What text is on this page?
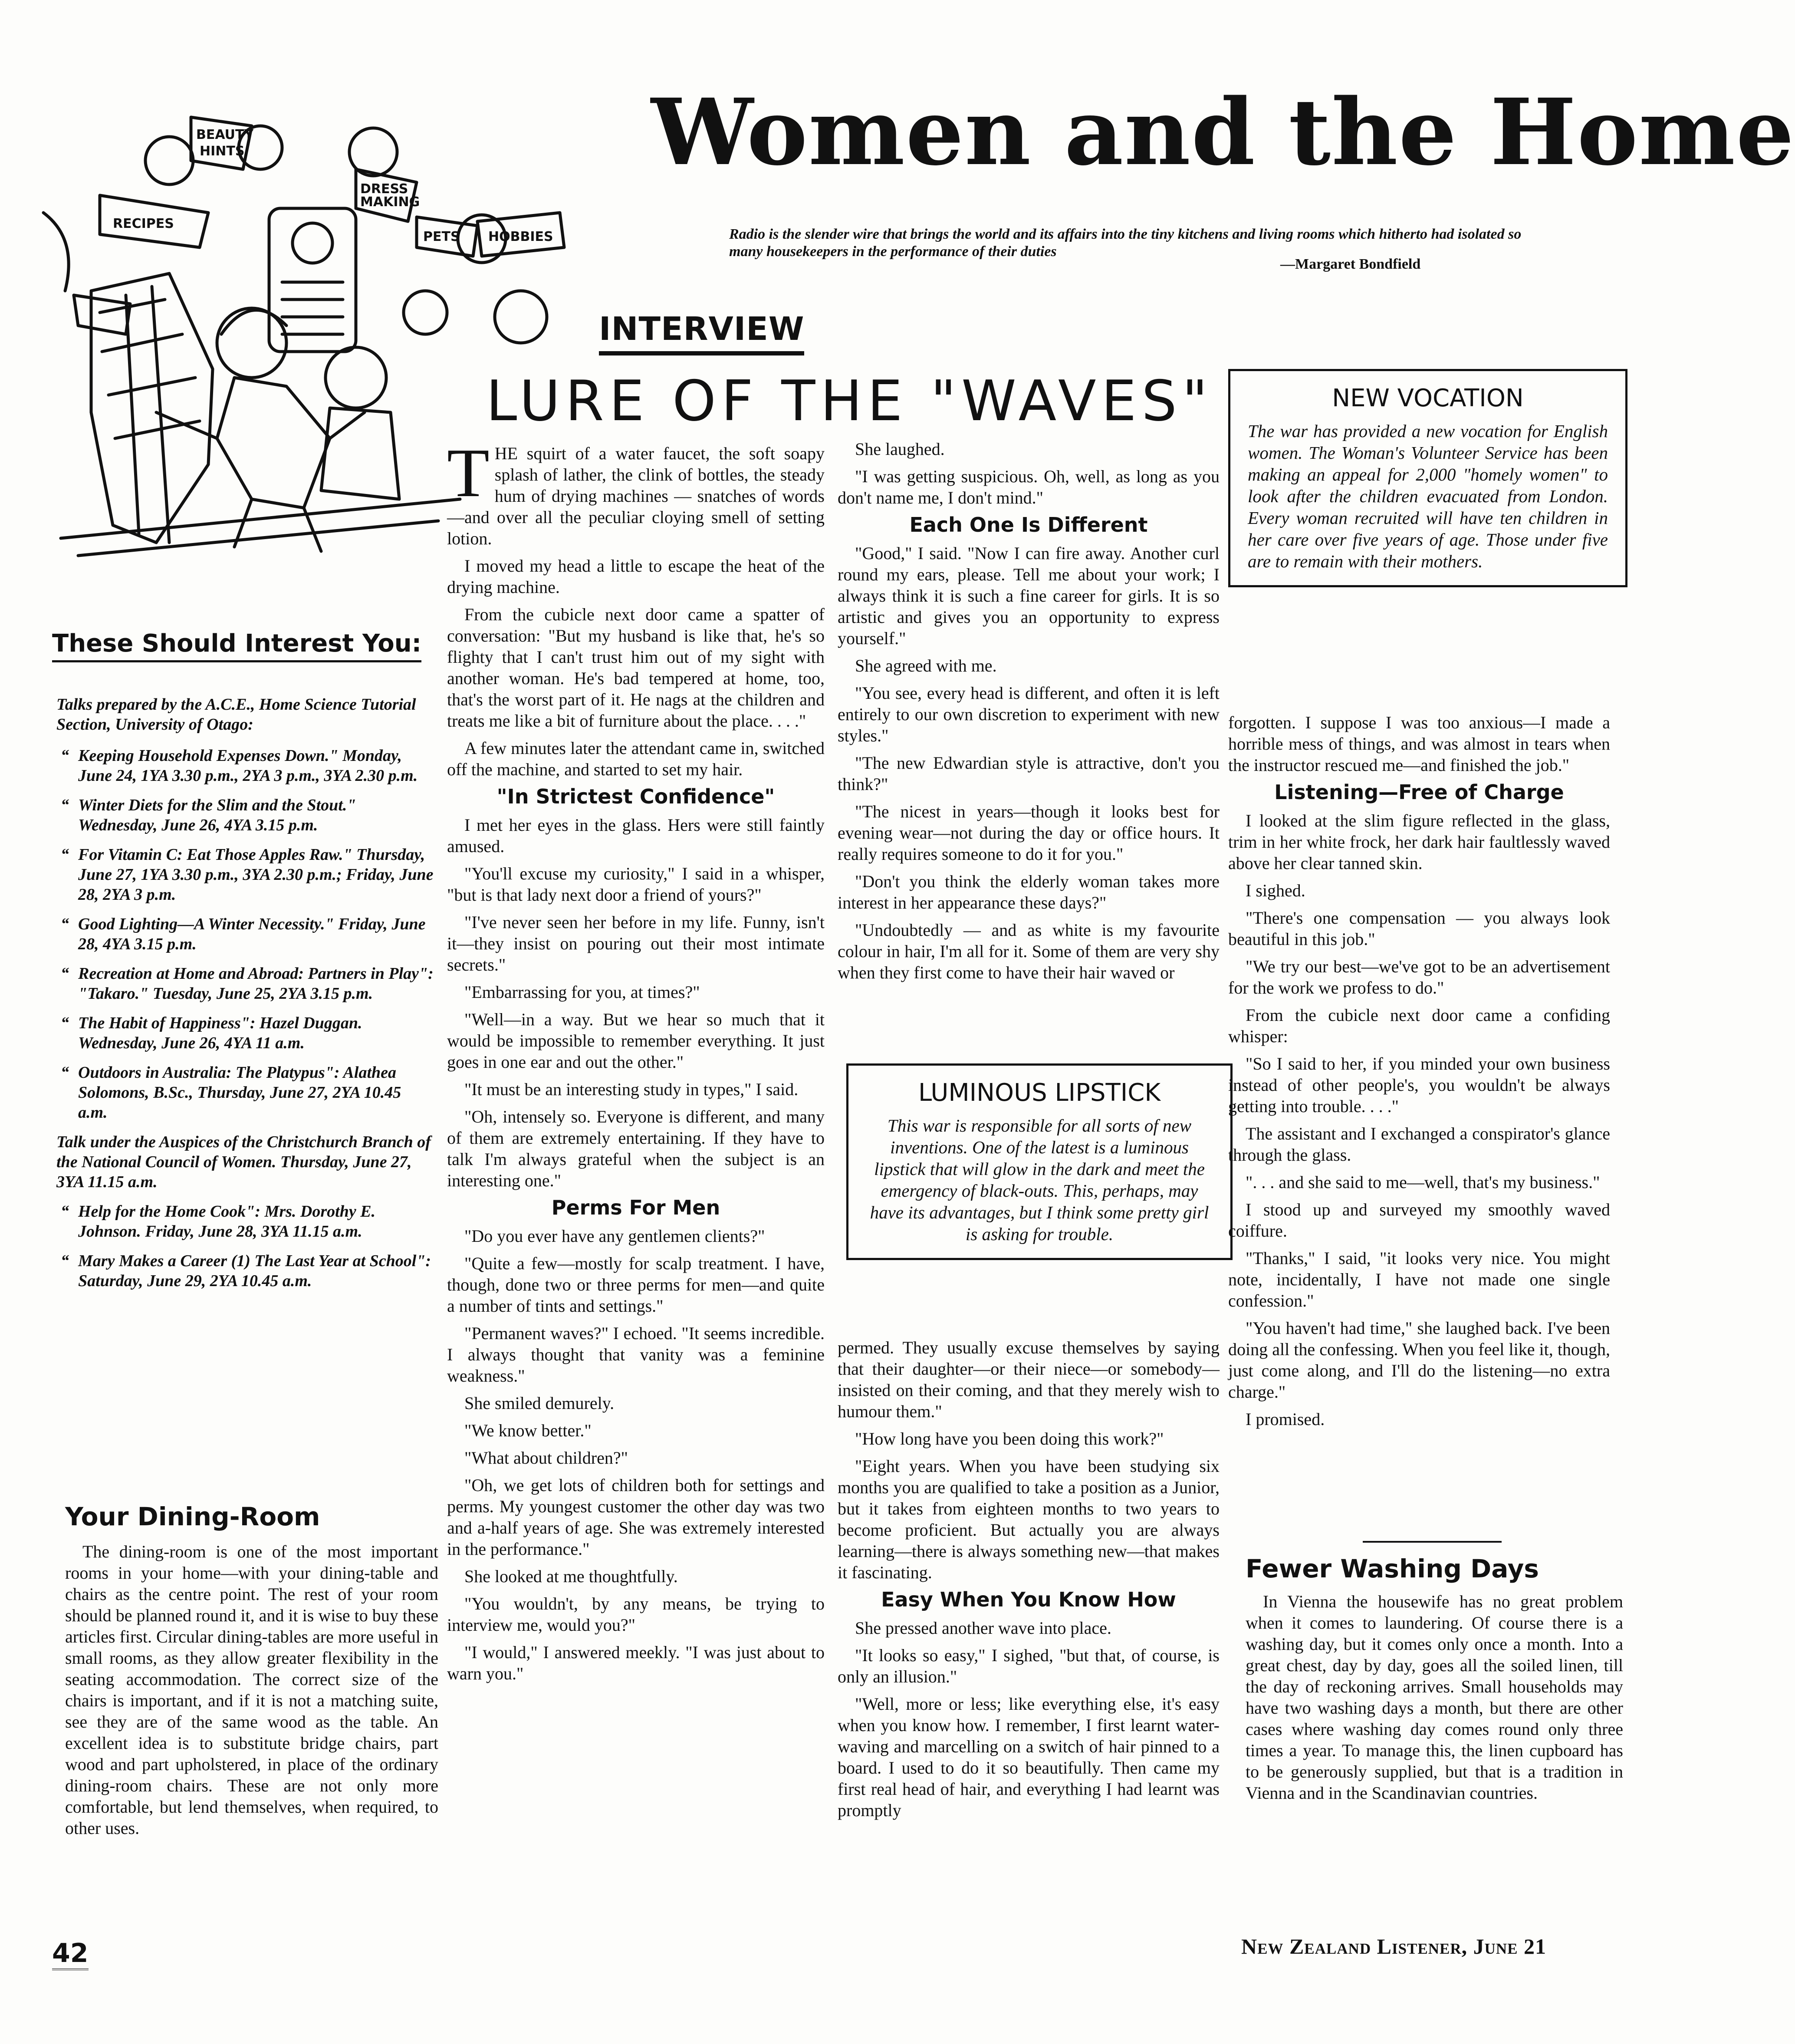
Women and the Home
Radio is the slender wire that brings the world and its affairs into the tiny kitchens and living rooms which hitherto had isolated so many housekeepers in the performance of their duties
—Margaret Bondfield
BEAUTY
HINTS
RECIPES
DRESS
MAKING
PETS HOBBIES
INTERVIEW
LURE OF THE "WAVES"
These Should Interest You:
Talks prepared by the A.C.E., Home Science Tutorial Section, University of Otago:
“ Keeping Household Expenses Down." Monday, June 24, 1YA 3.30 p.m., 2YA 3 p.m., 3YA 2.30 p.m.
“ Winter Diets for the Slim and the Stout." Wednesday, June 26, 4YA 3.15 p.m.
“ For Vitamin C: Eat Those Apples Raw." Thursday, June 27, 1YA 3.30 p.m., 3YA 2.30 p.m.; Friday, June 28, 2YA 3 p.m.
“ Good Lighting—A Winter Necessity." Friday, June 28, 4YA 3.15 p.m.
“ Recreation at Home and Abroad: Partners in Play": "Takaro." Tuesday, June 25, 2YA 3.15 p.m.
“ The Habit of Happiness": Hazel Duggan. Wednesday, June 26, 4YA 11 a.m.
“ Outdoors in Australia: The Platypus": Alathea Solomons, B.Sc., Thursday, June 27, 2YA 10.45 a.m.
Talk under the Auspices of the Christchurch Branch of the National Council of Women. Thursday, June 27, 3YA 11.15 a.m.
“ Help for the Home Cook": Mrs. Dorothy E. Johnson. Friday, June 28, 3YA 11.15 a.m.
“ Mary Makes a Career (1) The Last Year at School": Saturday, June 29, 2YA 10.45 a.m.
Your Dining-Room

The dining-room is one of the most important rooms in your home—with your dining-table and chairs as the centre point. The rest of your room should be planned round it, and it is wise to buy these articles first. Circular dining-tables are more useful in small rooms, as they allow greater flexibility in the seating accommodation. The correct size of the chairs is important, and if it is not a matching suite, see they are of the same wood as the table. An excellent idea is to substitute bridge chairs, part wood and part upholstered, in place of the ordinary dining-room chairs. These are not only more comfortable, but lend themselves, when required, to other uses.

THE squirt of a water faucet, the soft soapy splash of lather, the clink of bottles, the steady hum of drying machines — snatches of words—and over all the peculiar cloying smell of setting lotion.

I moved my head a little to escape the heat of the drying machine.

From the cubicle next door came a spatter of conversation: "But my husband is like that, he's so flighty that I can't trust him out of my sight with another woman. He's bad tempered at home, too, that's the worst part of it. He nags at the children and treats me like a bit of furniture about the place. . . ."

A few minutes later the attendant came in, switched off the machine, and started to set my hair.

"In Strictest Confidence"

I met her eyes in the glass. Hers were still faintly amused.

"You'll excuse my curiosity," I said in a whisper, "but is that lady next door a friend of yours?"

"I've never seen her before in my life. Funny, isn't it—they insist on pouring out their most intimate secrets."

"Embarrassing for you, at times?"

"Well—in a way. But we hear so much that it would be impossible to remember everything. It just goes in one ear and out the other."

"It must be an interesting study in types," I said.

"Oh, intensely so. Everyone is different, and many of them are extremely entertaining. If they have to talk I'm always grateful when the subject is an interesting one."

Perms For Men

"Do you ever have any gentlemen clients?"

"Quite a few—mostly for scalp treatment. I have, though, done two or three perms for men—and quite a number of tints and settings."

"Permanent waves?" I echoed. "It seems incredible. I always thought that vanity was a feminine weakness."

She smiled demurely.

"We know better."

"What about children?"

"Oh, we get lots of children both for settings and perms. My youngest customer the other day was two and a-half years of age. She was extremely interested in the performance."

She looked at me thoughtfully.

"You wouldn't, by any means, be trying to interview me, would you?"

"I would," I answered meekly. "I was just about to warn you."

She laughed.

"I was getting suspicious. Oh, well, as long as you don't name me, I don't mind."

Each One Is Different

"Good," I said. "Now I can fire away. Another curl round my ears, please. Tell me about your work; I always think it is such a fine career for girls. It is so artistic and gives you an opportunity to express yourself."

She agreed with me.

"You see, every head is different, and often it is left entirely to our own discretion to experiment with new styles."

"The new Edwardian style is attractive, don't you think?"

"The nicest in years—though it looks best for evening wear—not during the day or office hours. It really requires someone to do it for you."

"Don't you think the elderly woman takes more interest in her appearance these days?"

"Undoubtedly — and as white is my favourite colour in hair, I'm all for it. Some of them are very shy when they first come to have their hair waved or

LUMINOUS LIPSTICK
This war is responsible for all sorts of new inventions. One of the latest is a luminous lipstick that will glow in the dark and meet the emergency of black-outs. This, perhaps, may have its advantages, but I think some pretty girl is asking for trouble.

permed. They usually excuse themselves by saying that their daughter—or their niece—or somebody—insisted on their coming, and that they merely wish to humour them."

"How long have you been doing this work?"

"Eight years. When you have been studying six months you are qualified to take a position as a Junior, but it takes from eighteen months to two years to become proficient. But actually you are always learning—there is always something new—that makes it fascinating.

Easy When You Know How

She pressed another wave into place.

"It looks so easy," I sighed, "but that, of course, is only an illusion."

"Well, more or less; like everything else, it's easy when you know how. I remember, I first learnt water-waving and marcelling on a switch of hair pinned to a board. I used to do it so beautifully. Then came my first real head of hair, and everything I had learnt was promptly

NEW VOCATION
The war has provided a new vocation for English women. The Woman's Volunteer Service has been making an appeal for 2,000 "homely women" to look after the children evacuated from London. Every woman recruited will have ten children in her care over five years of age. Those under five are to remain with their mothers.

forgotten. I suppose I was too anxious—I made a horrible mess of things, and was almost in tears when the instructor rescued me—and finished the job."

Listening—Free of Charge

I looked at the slim figure reflected in the glass, trim in her white frock, her dark hair faultlessly waved above her clear tanned skin.

I sighed.

"There's one compensation — you always look beautiful in this job."

"We try our best—we've got to be an advertisement for the work we profess to do."

From the cubicle next door came a confiding whisper:

"So I said to her, if you minded your own business instead of other people's, you wouldn't be always getting into trouble. . . ."

The assistant and I exchanged a conspirator's glance through the glass.

". . . and she said to me—well, that's my business."

I stood up and surveyed my smoothly waved coiffure.

"Thanks," I said, "it looks very nice. You might note, incidentally, I have not made one single confession."

"You haven't had time," she laughed back. I've been doing all the confessing. When you feel like it, though, just come along, and I'll do the listening—no extra charge."

I promised.

Fewer Washing Days

In Vienna the housewife has no great problem when it comes to laundering. Of course there is a washing day, but it comes only once a month. Into a great chest, day by day, goes all the soiled linen, till the day of reckoning arrives. Small households may have two washing days a month, but there are other cases where washing day comes round only three times a year. To manage this, the linen cupboard has to be generously supplied, but that is a tradition in Vienna and in the Scandinavian countries.

42	New Zealand Listener, June 21
